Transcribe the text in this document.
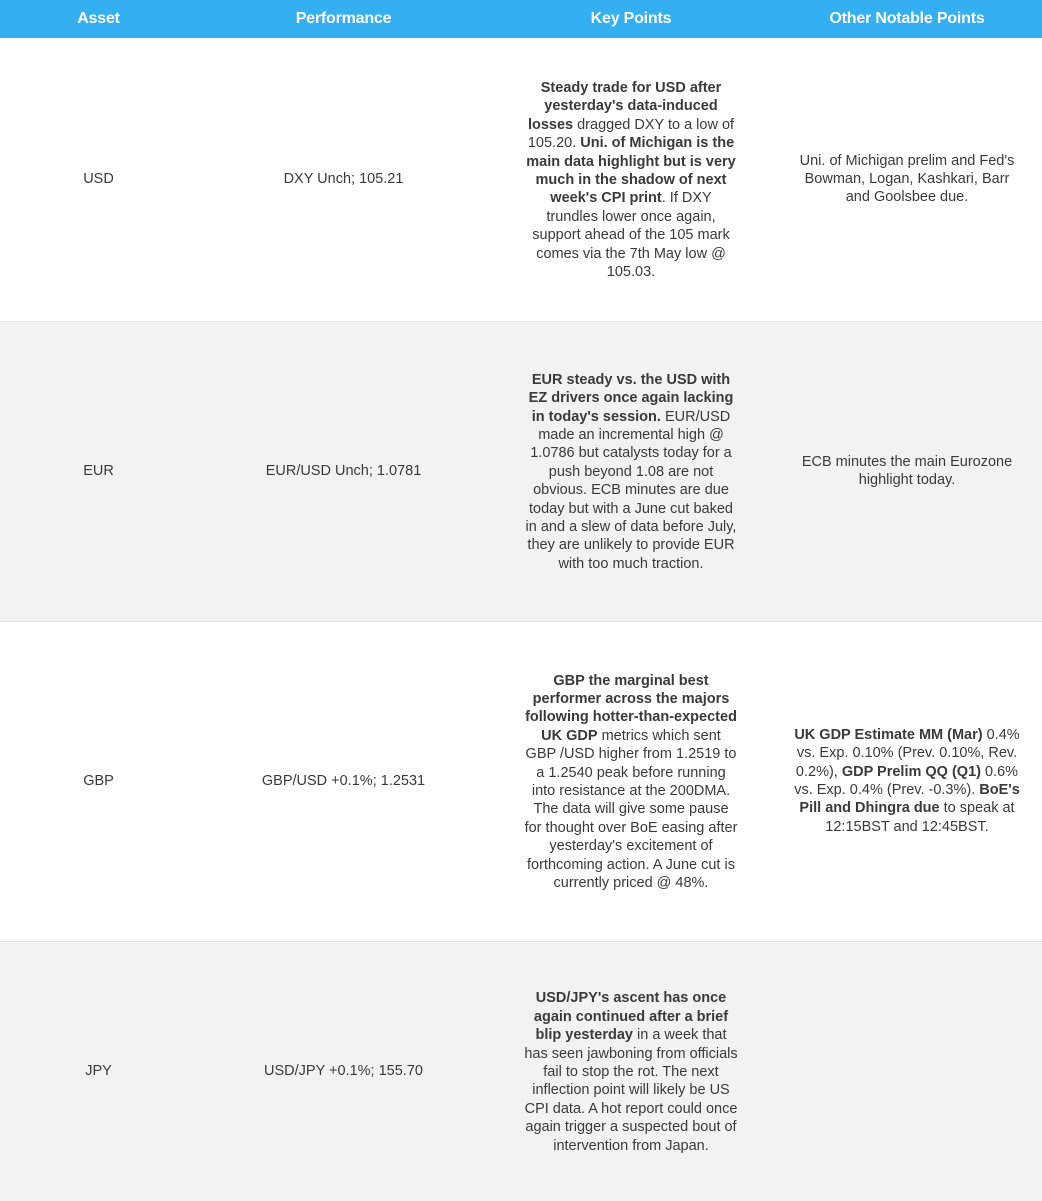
Asset	Performance	Key Points	Other Notable Points
USD	DXY Unch; 105.21	Steady trade for USD after yesterday's data-induced losses dragged DXY to a low of 105.20. Uni. of Michigan is the main data highlight but is very much in the shadow of next week's CPI print. If DXY trundles lower once again, support ahead of the 105 mark comes via the 7th May low @ 105.03.	Uni. of Michigan prelim and Fed's Bowman, Logan, Kashkari, Barr and Goolsbee due.
EUR	EUR/USD Unch; 1.0781	EUR steady vs. the USD with EZ drivers once again lacking in today's session. EUR/USD made an incremental high @ 1.0786 but catalysts today for a push beyond 1.08 are not obvious. ECB minutes are due today but with a June cut baked in and a slew of data before July, they are unlikely to provide EUR with too much traction.	ECB minutes the main Eurozone highlight today.
GBP	GBP/USD +0.1%; 1.2531	GBP the marginal best performer across the majors following hotter-than-expected UK GDP metrics which sent GBP /USD higher from 1.2519 to a 1.2540 peak before running into resistance at the 200DMA. The data will give some pause for thought over BoE easing after yesterday's excitement of forthcoming action. A June cut is currently priced @ 48%.	UK GDP Estimate MM (Mar) 0.4% vs. Exp. 0.10% (Prev. 0.10%, Rev. 0.2%), GDP Prelim QQ (Q1) 0.6% vs. Exp. 0.4% (Prev. -0.3%). BoE's Pill and Dhingra due to speak at 12:15BST and 12:45BST.
JPY	USD/JPY +0.1%; 155.70	USD/JPY's ascent has once again continued after a brief blip yesterday in a week that has seen jawboning from officials fail to stop the rot. The next inflection point will likely be US CPI data. A hot report could once again trigger a suspected bout of intervention from Japan.	
